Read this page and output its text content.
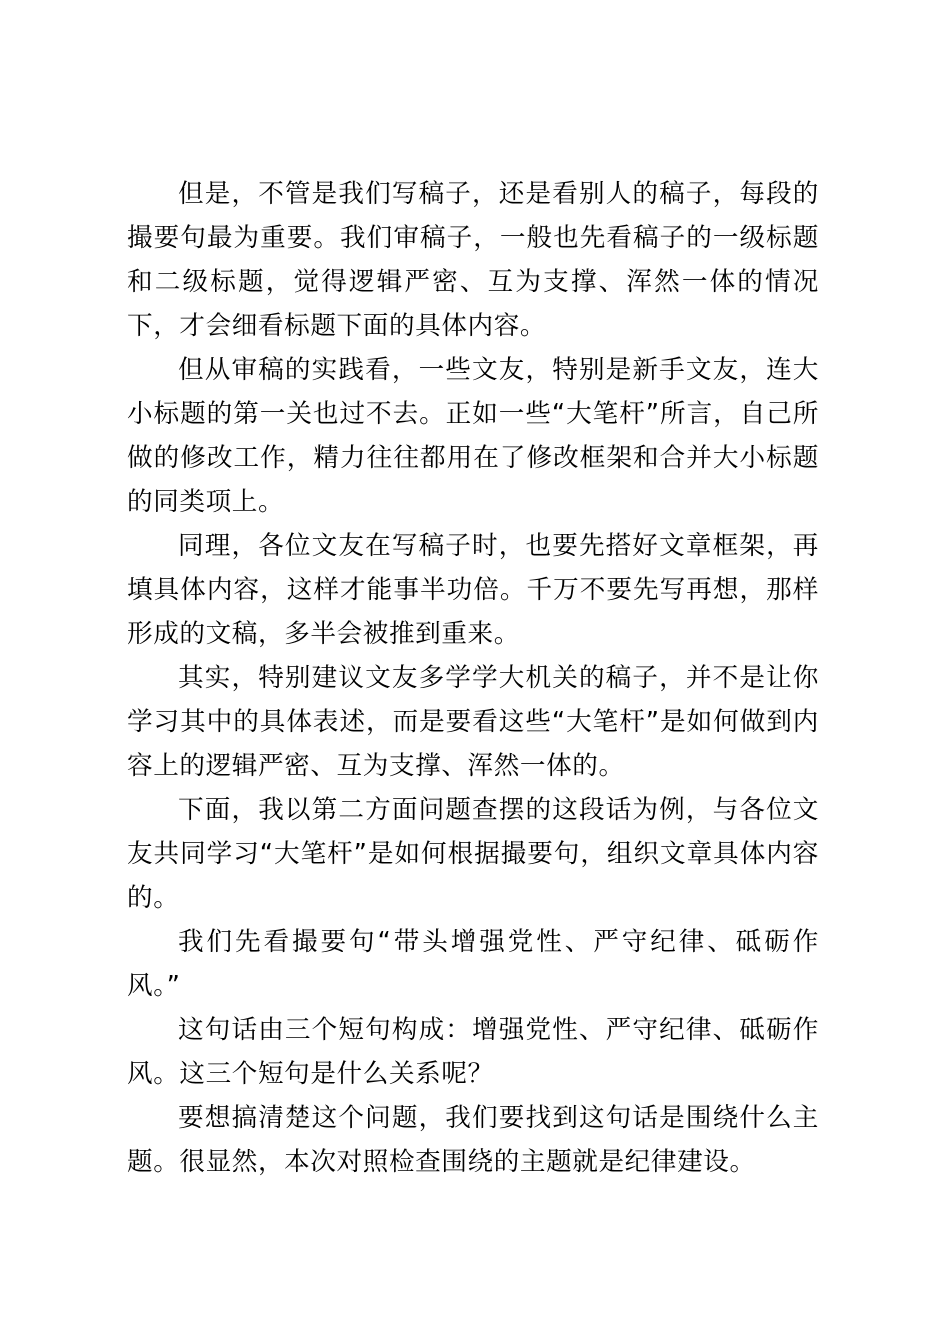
但是，不管是我们写稿子，还是看别人的稿子，每段的撮要句最为重要。我们审稿子，一般也先看稿子的一级标题和二级标题，觉得逻辑严密、互为支撑、浑然一体的情况下，才会细看标题下面的具体内容。

但从审稿的实践看，一些文友，特别是新手文友，连大小标题的第一关也过不去。正如一些“大笔杆”所言，自己所做的修改工作，精力往往都用在了修改框架和合并大小标题的同类项上。

同理，各位文友在写稿子时，也要先搭好文章框架，再填具体内容，这样才能事半功倍。千万不要先写再想，那样形成的文稿，多半会被推到重来。

其实，特别建议文友多学学大机关的稿子，并不是让你学习其中的具体表述，而是要看这些“大笔杆”是如何做到内容上的逻辑严密、互为支撑、浑然一体的。

下面，我以第二方面问题查摆的这段话为例，与各位文友共同学习“大笔杆”是如何根据撮要句，组织文章具体内容的。

我们先看撮要句“带头增强党性、严守纪律、砥砺作风。”

这句话由三个短句构成：增强党性、严守纪律、砥砺作风。这三个短句是什么关系呢？

要想搞清楚这个问题，我们要找到这句话是围绕什么主题。很显然，本次对照检查围绕的主题就是纪律建设。
